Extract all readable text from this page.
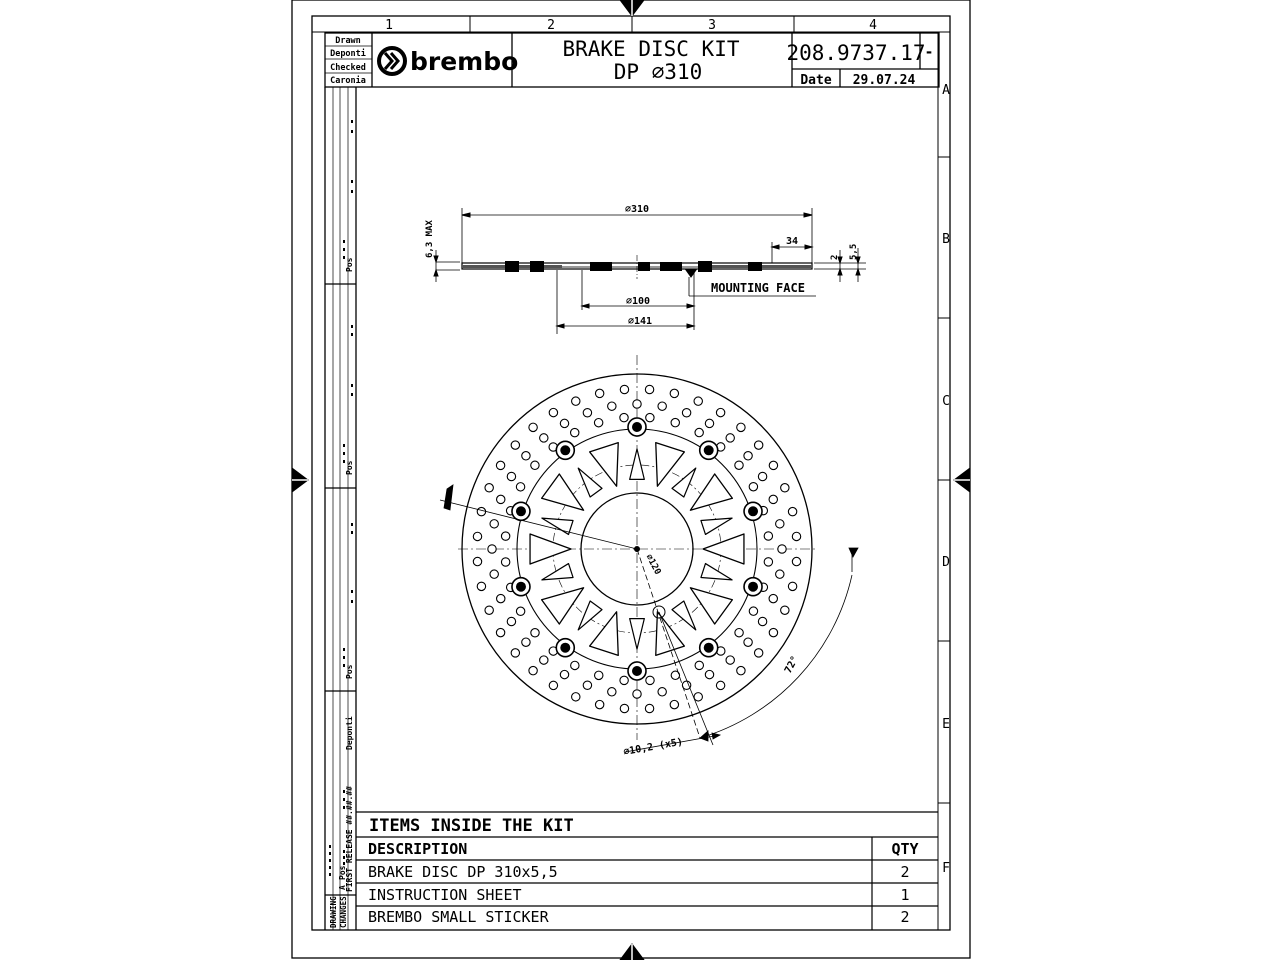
1	2	3	4
A
B
C
D
E
F
Drawn
Deponti
Checked
Caronia
brembo BRAKE DISC KIT
DP ∅310
208.9737.17
-
Date 29.07.24
Pos
Pos
Pos
Deponti
FIRST RELEASE ##.##.##
A
Pos
CHANGES
DRAWING
∅310
34
6,3 MAX	2 5,5
∅100
∅141
MOUNTING FACE
∅120
72°
∅10,2 (x5)
ITEMS INSIDE THE KIT
DESCRIPTION	QTY
BRAKE DISC DP 310x5,5	2
INSTRUCTION SHEET	1
BREMBO SMALL STICKER	2
